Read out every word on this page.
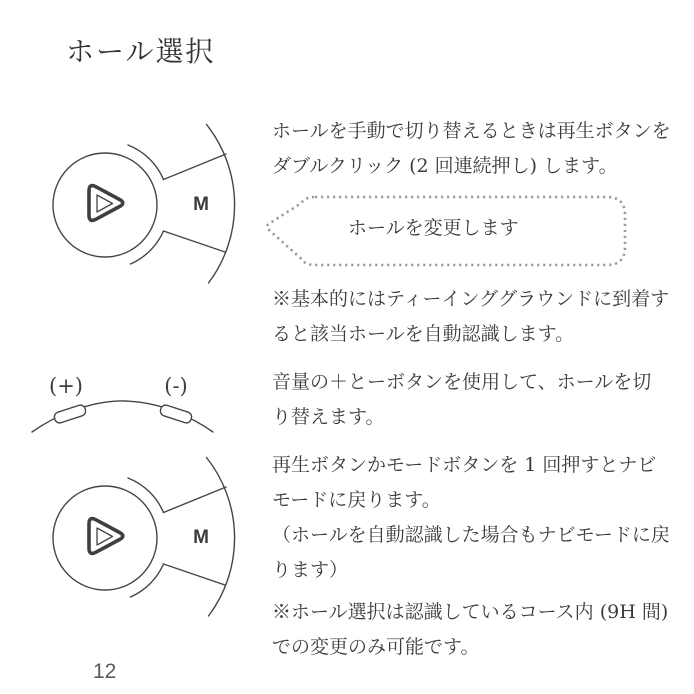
ホール選択
M
ホールを手動で切り替えるときは再生ボタンを
ダブルクリック (2 回連続押し) します。
ホールを変更します
※基本的にはティーインググラウンドに到着す
ると該当ホールを自動認識します。
(+)	(-)	音量の＋とーボタンを使用して、ホールを切
り替えます。
M
再生ボタンかモードボタンを 1 回押すとナビ
モードに戻ります。
（ホールを自動認識した場合もナビモードに戻
ります）
※ホール選択は認識しているコース内 (9H 間)
での変更のみ可能です。
12
